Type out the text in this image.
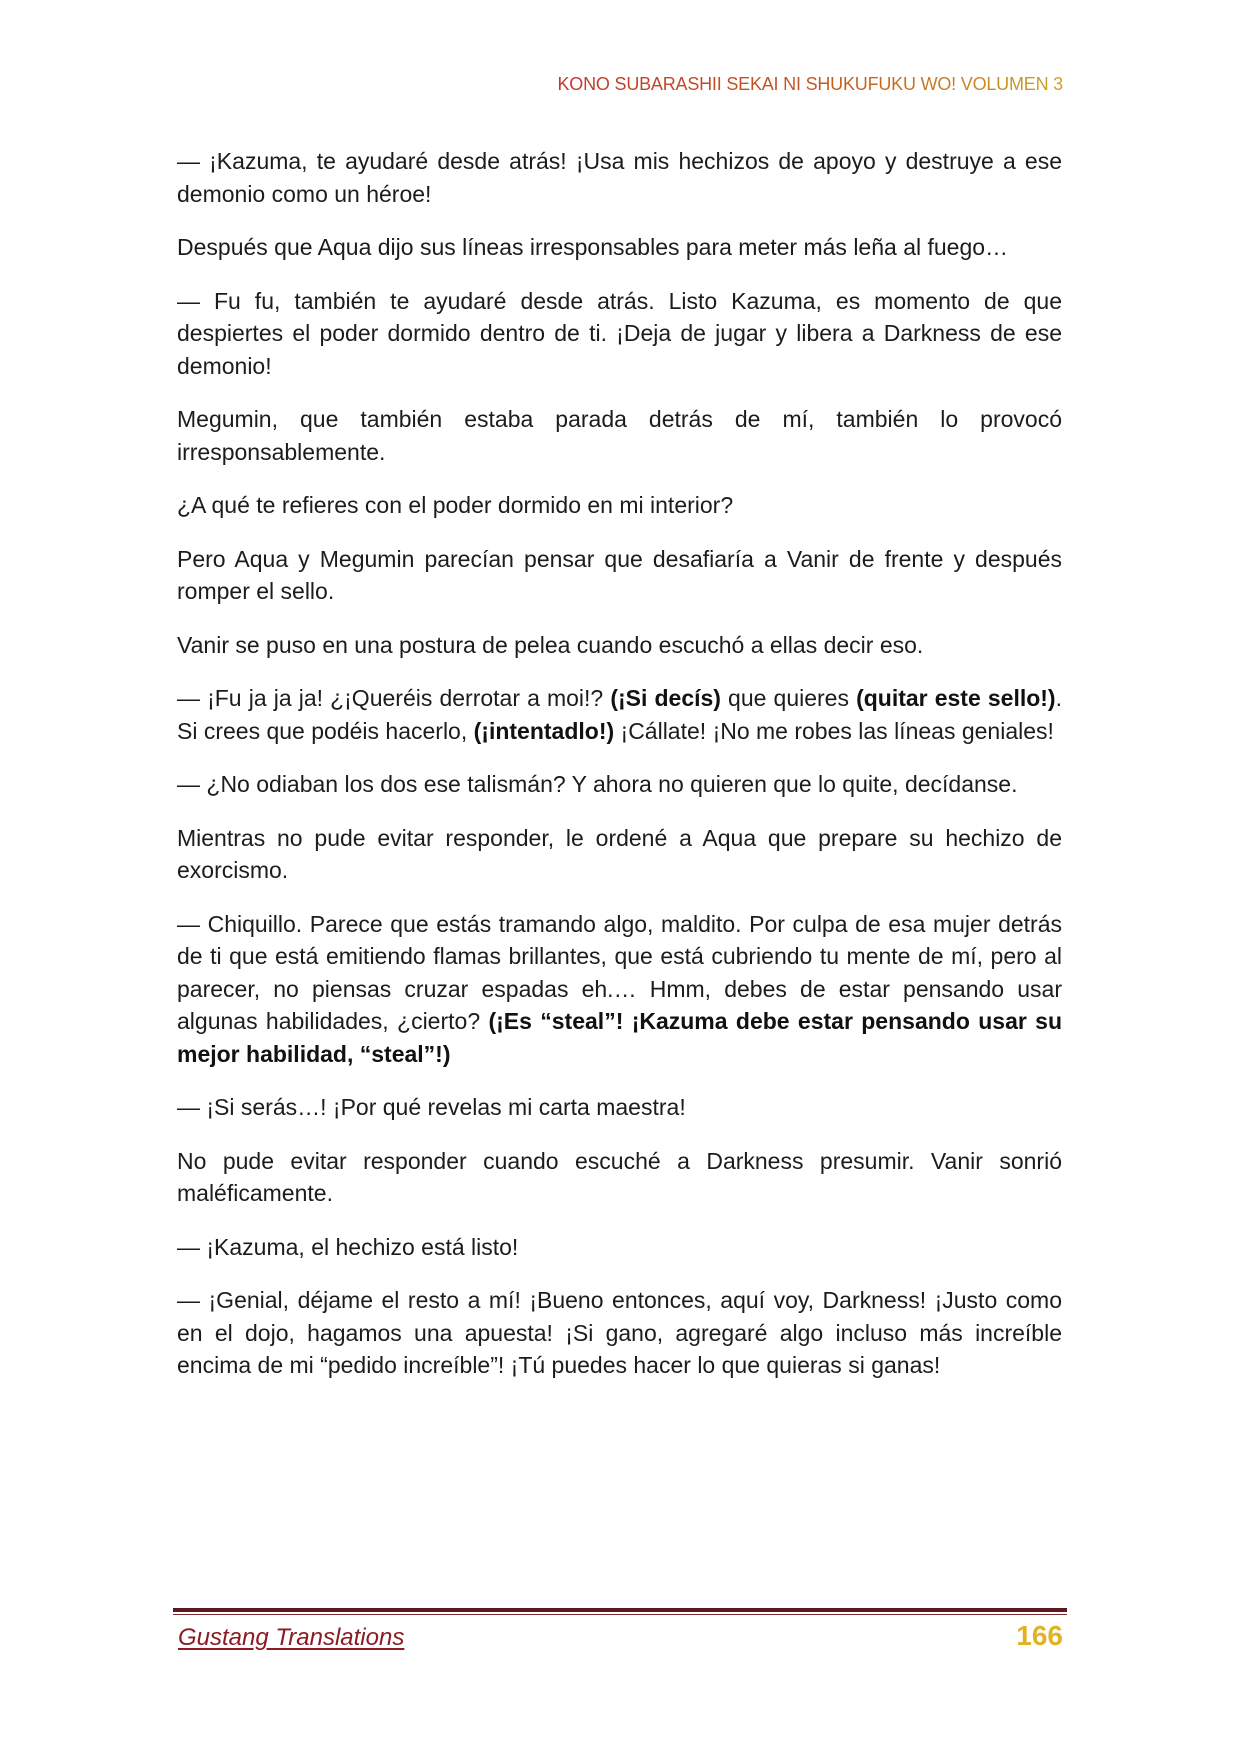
KONO SUBARASHII SEKAI NI SHUKUFUKU WO! VOLUMEN 3

— ¡Kazuma, te ayudaré desde atrás! ¡Usa mis hechizos de apoyo y destruye a ese demonio como un héroe!

Después que Aqua dijo sus líneas irresponsables para meter más leña al fuego…

— Fu fu, también te ayudaré desde atrás. Listo Kazuma, es momento de que despiertes el poder dormido dentro de ti. ¡Deja de jugar y libera a Darkness de ese demonio!

Megumin, que también estaba parada detrás de mí, también lo provocó irresponsablemente.

¿A qué te refieres con el poder dormido en mi interior?

Pero Aqua y Megumin parecían pensar que desafiaría a Vanir de frente y después romper el sello.

Vanir se puso en una postura de pelea cuando escuchó a ellas decir eso.

— ¡Fu ja ja ja! ¿¡Queréis derrotar a moi!? (¡Si decís) que quieres (quitar este sello!). Si crees que podéis hacerlo, (¡intentadlo!) ¡Cállate! ¡No me robes las líneas geniales!

— ¿No odiaban los dos ese talismán? Y ahora no quieren que lo quite, decídanse.

Mientras no pude evitar responder, le ordené a Aqua que prepare su hechizo de exorcismo.

— Chiquillo. Parece que estás tramando algo, maldito. Por culpa de esa mujer detrás de ti que está emitiendo flamas brillantes, que está cubriendo tu mente de mí, pero al parecer, no piensas cruzar espadas eh.… Hmm, debes de estar pensando usar algunas habilidades, ¿cierto? (¡Es “steal”! ¡Kazuma debe estar pensando usar su mejor habilidad, “steal”!)

— ¡Si serás…! ¡Por qué revelas mi carta maestra!

No pude evitar responder cuando escuché a Darkness presumir. Vanir sonrió maléficamente.

— ¡Kazuma, el hechizo está listo!

— ¡Genial, déjame el resto a mí! ¡Bueno entonces, aquí voy, Darkness! ¡Justo como en el dojo, hagamos una apuesta! ¡Si gano, agregaré algo incluso más increíble encima de mi “pedido increíble”! ¡Tú puedes hacer lo que quieras si ganas!

Gustang Translations	166
